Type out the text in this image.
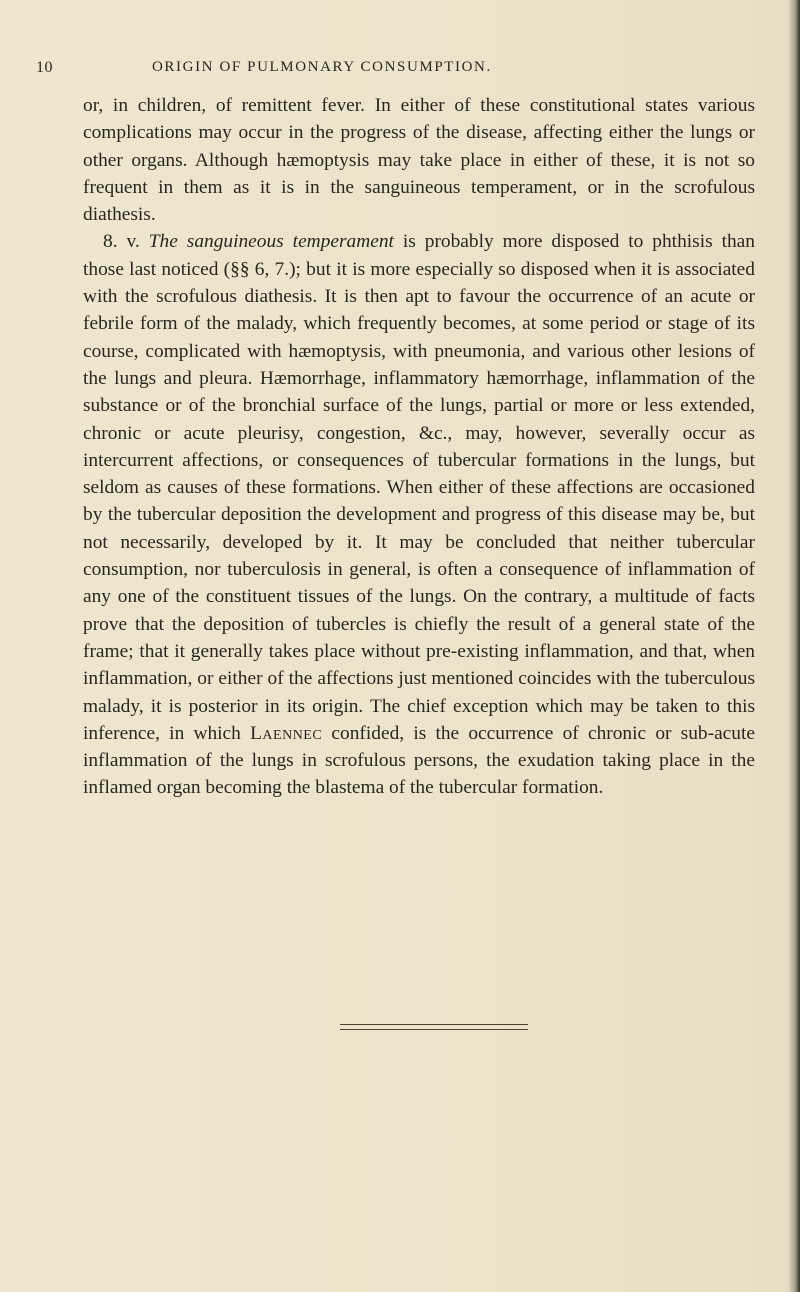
10	ORIGIN OF PULMONARY CONSUMPTION.

or, in children, of remittent fever. In either of these constitutional states various complications may occur in the progress of the disease, affecting either the lungs or other organs. Although hæmoptysis may take place in either of these, it is not so frequent in them as it is in the sanguineous temperament, or in the scrofulous diathesis.

8. v. The sanguineous temperament is probably more disposed to phthisis than those last noticed (§§ 6, 7.); but it is more especially so disposed when it is associated with the scrofulous diathesis. It is then apt to favour the occurrence of an acute or febrile form of the malady, which frequently becomes, at some period or stage of its course, complicated with hæmoptysis, with pneumonia, and various other lesions of the lungs and pleura. Hæmorrhage, inflammatory hæmorrhage, inflammation of the substance or of the bronchial surface of the lungs, partial or more or less extended, chronic or acute pleurisy, congestion, &c., may, however, severally occur as intercurrent affections, or consequences of tubercular formations in the lungs, but seldom as causes of these formations. When either of these affections are occasioned by the tubercular deposition the development and progress of this disease may be, but not necessarily, developed by it. It may be concluded that neither tubercular consumption, nor tuberculosis in general, is often a consequence of inflammation of any one of the constituent tissues of the lungs. On the contrary, a multitude of facts prove that the deposition of tubercles is chiefly the result of a general state of the frame; that it generally takes place without pre-existing inflammation, and that, when inflammation, or either of the affections just mentioned coincides with the tuberculous malady, it is posterior in its origin. The chief exception which may be taken to this inference, in which Laennec confided, is the occurrence of chronic or sub-acute inflammation of the lungs in scrofulous persons, the exudation taking place in the inflamed organ becoming the blastema of the tubercular formation.
